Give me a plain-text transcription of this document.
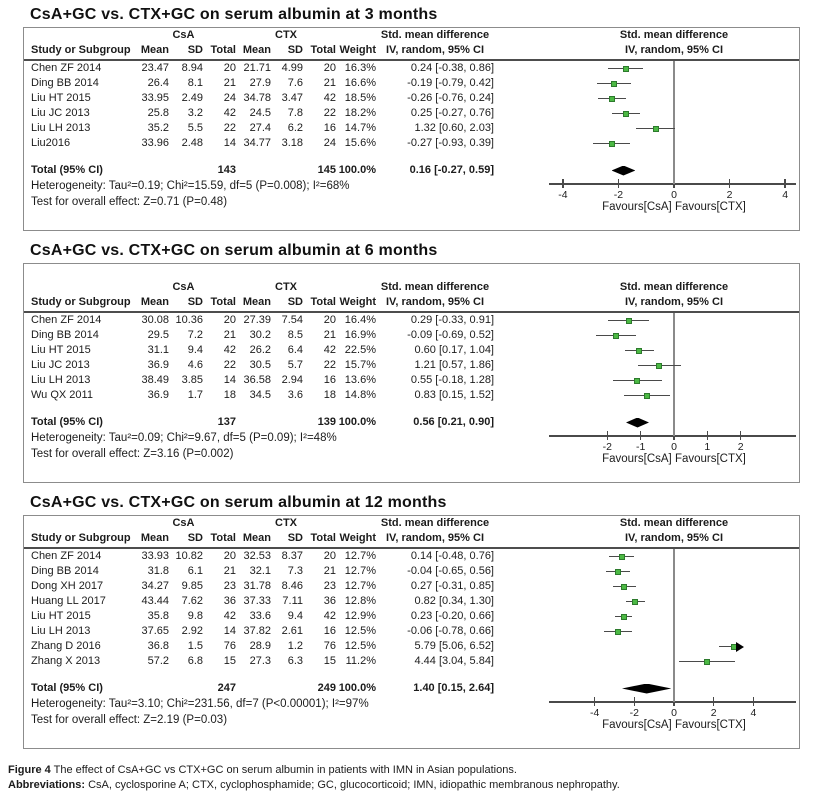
CsA+GC vs. CTX+GC on serum albumin at 3 months
CsA	CTX	Std. mean difference	Std. mean difference
Study or Subgroup Mean	SD Total Mean	SD Total Weight IV, random, 95% CI	IV, random, 95% CI
Chen ZF 2014	23.47	8.94	20 21.71 4.99	20 16.3%	0.24 [-0.38, 0.86]
Ding BB 2014	26.4	8.1	21	27.9	7.6	21 16.6%	-0.19 [-0.79, 0.42]
Liu HT 2015	33.95	2.49	24 34.78 3.47	42 18.5%	-0.26 [-0.76, 0.24]
Liu JC 2013	25.8	3.2	42	24.5	7.8	22 18.2%	0.25 [-0.27, 0.76]
Liu LH 2013	35.2	5.5	22	27.4	6.2	16 14.7%	1.32 [0.60, 2.03]
Liu2016	33.96	2.48	14 34.77 3.18	24 15.6%	-0.27 [-0.93, 0.39]
Total (95% CI)	143	145 100.0%	0.16 [-0.27, 0.59]
Heterogeneity: Tau²=0.19; Chi²=15.59, df=5 (P=0.008); I²=68%
Test for overall effect: Z=0.71 (P=0.48)
-4	-2	0	2	4
Favours[CsA] Favours[CTX]
CsA+GC vs. CTX+GC on serum albumin at 6 months
CsA	CTX	Std. mean difference	Std. mean difference
Study or Subgroup Mean	SD Total Mean	SD Total Weight IV, random, 95% CI	IV, random, 95% CI
Chen ZF 2014	30.08 10.36	20 27.39 7.54	20 16.4%	0.29 [-0.33, 0.91]
Ding BB 2014	29.5	7.2	21	30.2	8.5	21 16.9%	-0.09 [-0.69, 0.52]
Liu HT 2015	31.1	9.4	42	26.2	6.4	42 22.5%	0.60 [0.17, 1.04]
Liu JC 2013	36.9	4.6	22	30.5	5.7	22 15.7%	1.21 [0.57, 1.86]
Liu LH 2013	38.49	3.85	14 36.58 2.94	16 13.6%	0.55 [-0.18, 1.28]
Wu QX 2011	36.9	1.7	18	34.5	3.6	18 14.8%	0.83 [0.15, 1.52]
Total (95% CI)	137	139 100.0%	0.56 [0.21, 0.90]
Heterogeneity: Tau²=0.09; Chi²=9.67, df=5 (P=0.09); I²=48%
Test for overall effect: Z=3.16 (P=0.002)
-2	-1	0	1	2
Favours[CsA] Favours[CTX]
CsA+GC vs. CTX+GC on serum albumin at 12 months
CsA	CTX	Std. mean difference	Std. mean difference
Study or Subgroup Mean	SD Total Mean	SD Total Weight IV, random, 95% CI	IV, random, 95% CI
Chen ZF 2014	33.93 10.82	20 32.53 8.37	20 12.7%	0.14 [-0.48, 0.76]
Ding BB 2014	31.8	6.1	21	32.1	7.3	21 12.7%	-0.04 [-0.65, 0.56]
Dong XH 2017	34.27	9.85	23 31.78 8.46	23 12.7%	0.27 [-0.31, 0.85]
Huang LL 2017	43.44	7.62	36 37.33	7.11	36 12.8%	0.82 [0.34, 1.30]
Liu HT 2015	35.8	9.8	42	33.6	9.4	42 12.9%	0.23 [-0.20, 0.66]
Liu LH 2013	37.65	2.92	14 37.82 2.61	16 12.5%	-0.06 [-0.78, 0.66]
Zhang D 2016	36.8	1.5	76	28.9	1.2	76 12.5%	5.79 [5.06, 6.52]
Zhang X 2013	57.2	6.8	15	27.3	6.3	15 11.2%	4.44 [3.04, 5.84]
Total (95% CI)	247	249 100.0%	1.40 [0.15, 2.64]
Heterogeneity: Tau²=3.10; Chi²=231.56, df=7 (P<0.00001); I²=97%
Test for overall effect: Z=2.19 (P=0.03)
-4	-2	0	2	4
Favours[CsA] Favours[CTX]

Figure 4 The effect of CsA+GC vs CTX+GC on serum albumin in patients with IMN in Asian populations.

Abbreviations: CsA, cyclosporine A; CTX, cyclophosphamide; GC, glucocorticoid; IMN, idiopathic membranous nephropathy.
